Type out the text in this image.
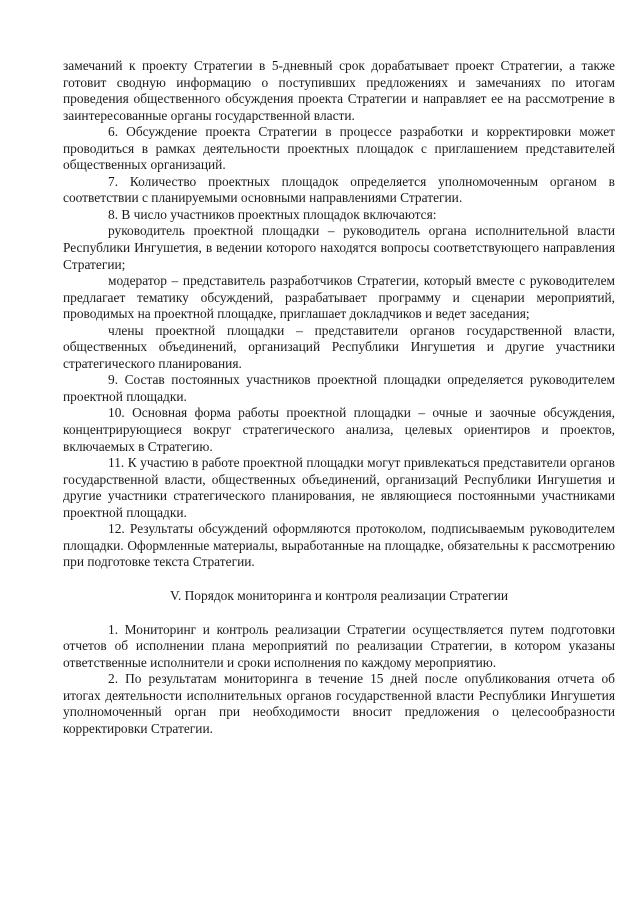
замечаний к проекту Стратегии в 5-дневный срок дорабатывает проект Стратегии, а также готовит сводную информацию о поступивших предложениях и замечаниях по итогам проведения общественного обсуждения проекта Стратегии и направляет ее на рассмотрение в заинтересованные органы государственной власти.

6. Обсуждение проекта Стратегии в процессе разработки и корректировки может проводиться в рамках деятельности проектных площадок с приглашением представителей общественных организаций.

7. Количество проектных площадок определяется уполномоченным органом в соответствии с планируемыми основными направлениями Стратегии.

8. В число участников проектных площадок включаются:

руководитель проектной площадки – руководитель органа исполнительной власти Республики Ингушетия, в ведении которого находятся вопросы соответствующего направления Стратегии;

модератор – представитель разработчиков Стратегии, который вместе с руководителем предлагает тематику обсуждений, разрабатывает программу и сценарии мероприятий, проводимых на проектной площадке, приглашает докладчиков и ведет заседания;

члены проектной площадки – представители органов государственной власти, общественных объединений, организаций Республики Ингушетия и другие участники стратегического планирования.

9. Состав постоянных участников проектной площадки определяется руководителем проектной площадки.

10. Основная форма работы проектной площадки – очные и заочные обсуждения, концентрирующиеся вокруг стратегического анализа, целевых ориентиров и проектов, включаемых в Стратегию.

11. К участию в работе проектной площадки могут привлекаться представители органов государственной власти, общественных объединений, организаций Республики Ингушетия и другие участники стратегического планирования, не являющиеся постоянными участниками проектной площадки.

12. Результаты обсуждений оформляются протоколом, подписываемым руководителем площадки. Оформленные материалы, выработанные на площадке, обязательны к рассмотрению при подготовке текста Стратегии.

V. Порядок мониторинга и контроля реализации Стратегии

1. Мониторинг и контроль реализации Стратегии осуществляется путем подготовки отчетов об исполнении плана мероприятий по реализации Стратегии, в котором указаны ответственные исполнители и сроки исполнения по каждому мероприятию.

2. По результатам мониторинга в течение 15 дней после опубликования отчета об итогах деятельности исполнительных органов государственной власти Республики Ингушетия уполномоченный орган при необходимости вносит предложения о целесообразности корректировки Стратегии.
